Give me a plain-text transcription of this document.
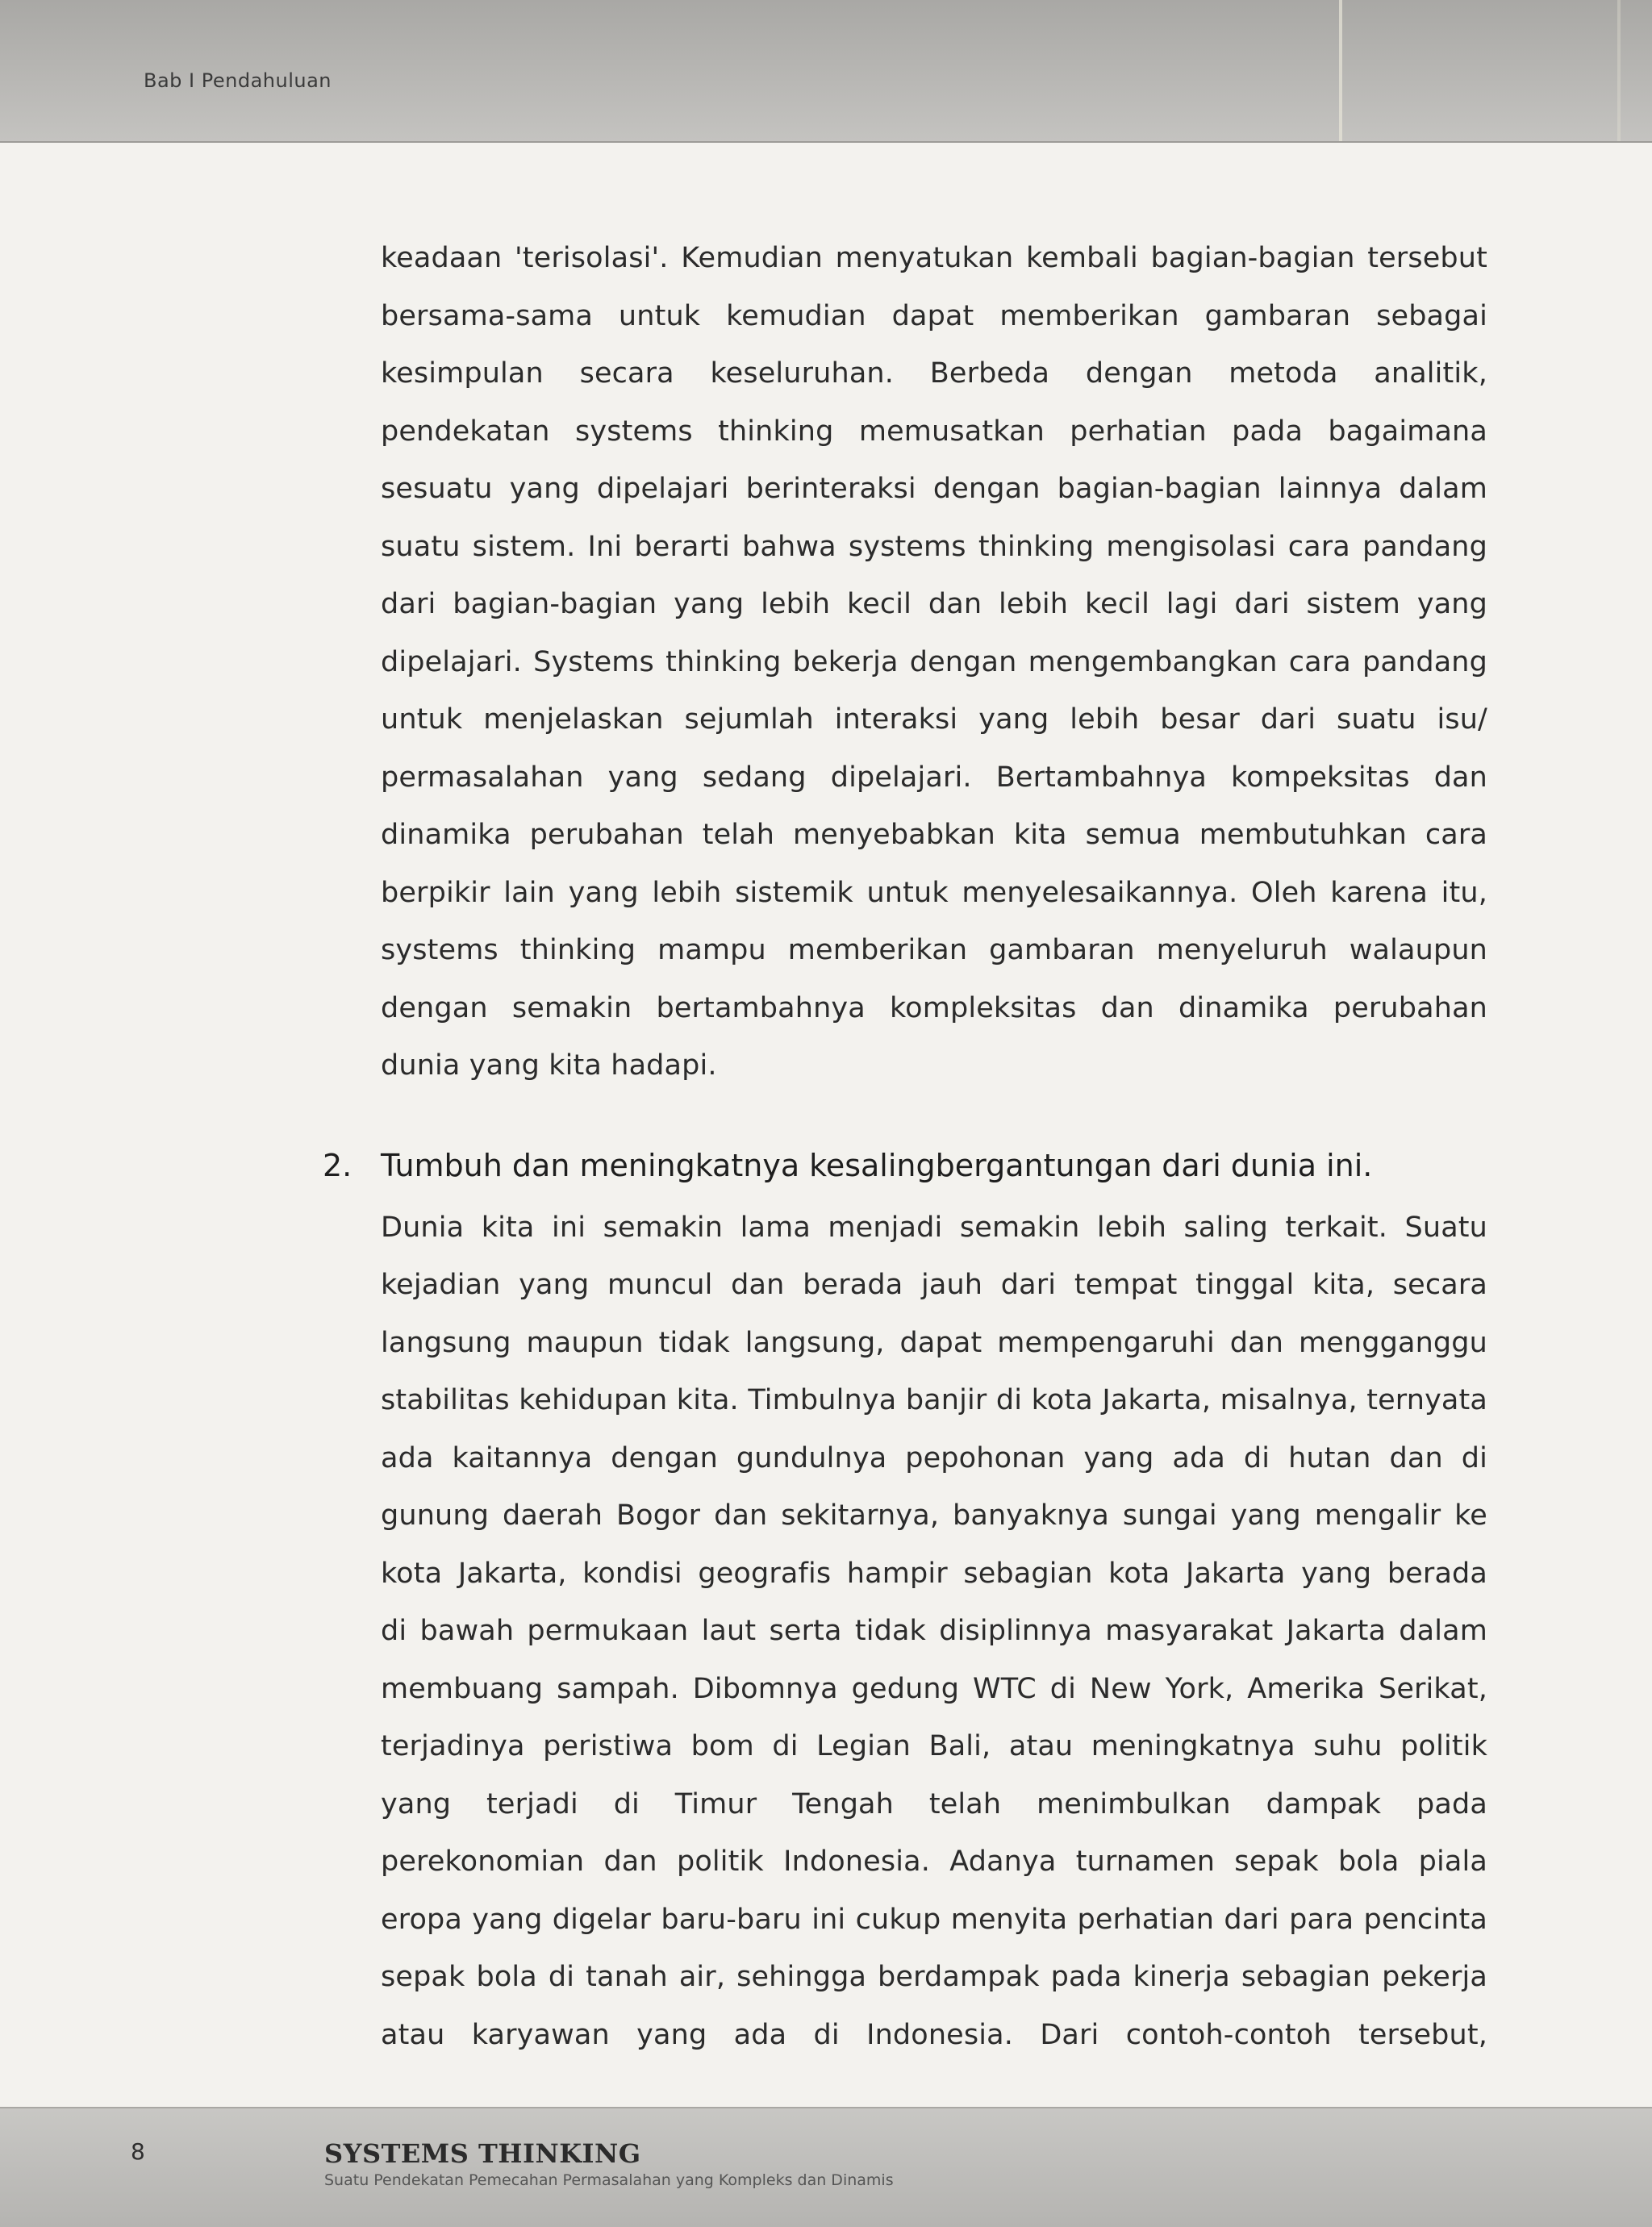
Bab I Pendahuluan
keadaan 'terisolasi'. Kemudian menyatukan kembali bagian-bagian tersebut
bersama-sama untuk kemudian dapat memberikan gambaran sebagai
kesimpulan secara keseluruhan. Berbeda dengan metoda analitik,
pendekatan systems thinking memusatkan perhatian pada bagaimana
sesuatu yang dipelajari berinteraksi dengan bagian-bagian lainnya dalam
suatu sistem. Ini berarti bahwa systems thinking mengisolasi cara pandang
dari bagian-bagian yang lebih kecil dan lebih kecil lagi dari sistem yang
dipelajari. Systems thinking bekerja dengan mengembangkan cara pandang
untuk menjelaskan sejumlah interaksi yang lebih besar dari suatu isu/
permasalahan yang sedang dipelajari. Bertambahnya kompeksitas dan
dinamika perubahan telah menyebabkan kita semua membutuhkan cara
berpikir lain yang lebih sistemik untuk menyelesaikannya. Oleh karena itu,
systems thinking mampu memberikan gambaran menyeluruh walaupun
dengan semakin bertambahnya kompleksitas dan dinamika perubahan
dunia yang kita hadapi.
2. Tumbuh dan meningkatnya kesalingbergantungan dari dunia ini.
Dunia kita ini semakin lama menjadi semakin lebih saling terkait. Suatu
kejadian yang muncul dan berada jauh dari tempat tinggal kita, secara
langsung maupun tidak langsung, dapat mempengaruhi dan mengganggu
stabilitas kehidupan kita. Timbulnya banjir di kota Jakarta, misalnya, ternyata
ada kaitannya dengan gundulnya pepohonan yang ada di hutan dan di
gunung daerah Bogor dan sekitarnya, banyaknya sungai yang mengalir ke
kota Jakarta, kondisi geografis hampir sebagian kota Jakarta yang berada
di bawah permukaan laut serta tidak disiplinnya masyarakat Jakarta dalam
membuang sampah. Dibomnya gedung WTC di New York, Amerika Serikat,
terjadinya peristiwa bom di Legian Bali, atau meningkatnya suhu politik
yang terjadi di Timur Tengah telah menimbulkan dampak pada
perekonomian dan politik Indonesia. Adanya turnamen sepak bola piala
eropa yang digelar baru-baru ini cukup menyita perhatian dari para pencinta
sepak bola di tanah air, sehingga berdampak pada kinerja sebagian pekerja
atau karyawan yang ada di Indonesia. Dari contoh-contoh tersebut,
8	SYSTEMS THINKING
Suatu Pendekatan Pemecahan Permasalahan yang Kompleks dan Dinamis
